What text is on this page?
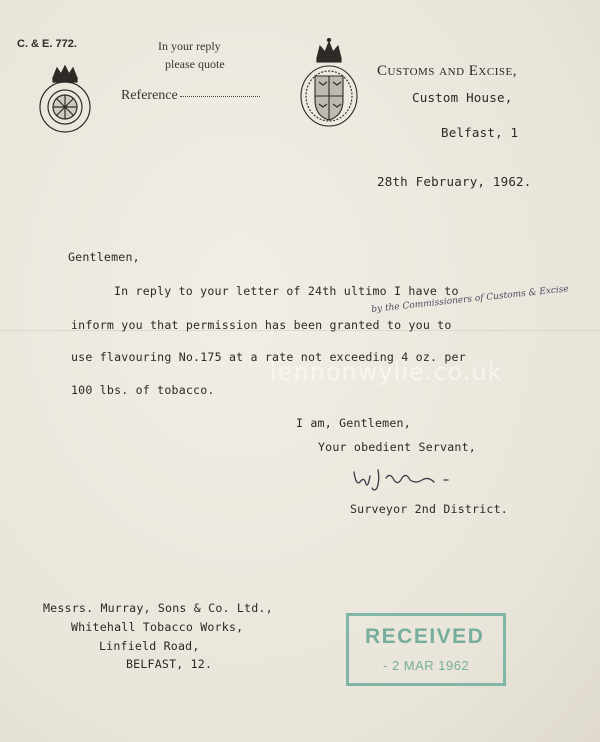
C. & E. 772.	In your reply
please quote
Reference
Customs and Excise,
Custom House,
Belfast, 1
28th February, 1962.
Gentlemen,
In reply to your letter of 24th ultimo I have to
by the Commissioners of Customs & Excise
inform you that permission has been granted to you to
use flavouring No.175 at a rate not exceeding 4 oz. per
100 lbs. of tobacco.
lennonwylie.co.uk
I am, Gentlemen,
Your obedient Servant,
Surveyor 2nd District.
Messrs. Murray, Sons & Co. Ltd.,
Whitehall Tobacco Works,
Linfield Road,
BELFAST, 12.
RECEIVED
- 2 MAR 1962
